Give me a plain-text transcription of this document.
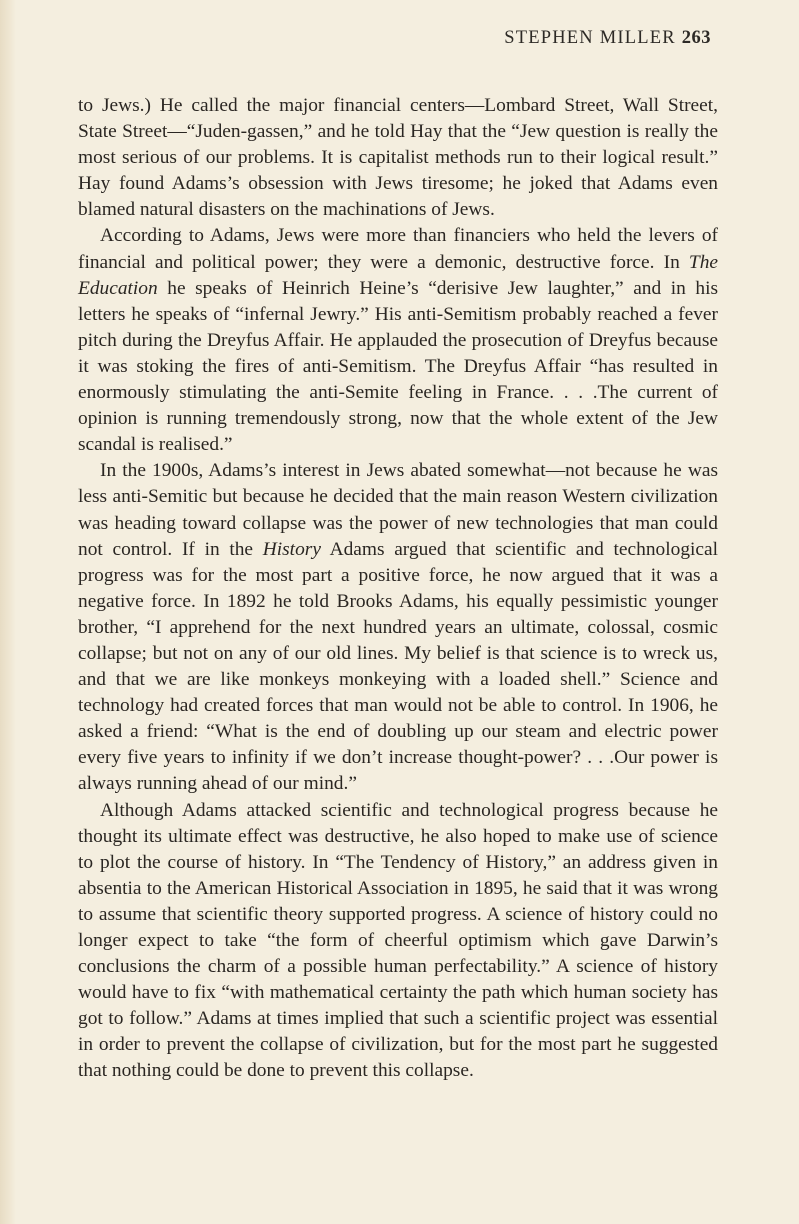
STEPHEN MILLER 263

to Jews.) He called the major financial centers—Lombard Street, Wall Street, State Street—“Juden-gassen,” and he told Hay that the “Jew question is really the most serious of our problems. It is capitalist methods run to their logical result.” Hay found Adams’s obsession with Jews tiresome; he joked that Adams even blamed natural disasters on the machinations of Jews.

According to Adams, Jews were more than financiers who held the levers of financial and political power; they were a demonic, destructive force. In The Education he speaks of Heinrich Heine’s “derisive Jew laughter,” and in his letters he speaks of “infernal Jewry.” His anti-Semitism probably reached a fever pitch during the Dreyfus Affair. He applauded the prosecution of Dreyfus because it was stoking the fires of anti-Semitism. The Dreyfus Affair “has resulted in enormously stimulating the anti-Semite feeling in France. . . .The current of opinion is running tremendously strong, now that the whole extent of the Jew scandal is realised.”

In the 1900s, Adams’s interest in Jews abated somewhat—not because he was less anti-Semitic but because he decided that the main reason Western civilization was heading toward collapse was the power of new technologies that man could not control. If in the History Adams argued that scientific and technological progress was for the most part a positive force, he now argued that it was a negative force. In 1892 he told Brooks Adams, his equally pessimistic younger brother, “I apprehend for the next hundred years an ultimate, colossal, cosmic collapse; but not on any of our old lines. My belief is that science is to wreck us, and that we are like monkeys monkeying with a loaded shell.” Science and technology had created forces that man would not be able to control. In 1906, he asked a friend: “What is the end of doubling up our steam and electric power every five years to infinity if we don’t increase thought-power? . . .Our power is always running ahead of our mind.”

Although Adams attacked scientific and technological progress because he thought its ultimate effect was destructive, he also hoped to make use of science to plot the course of history. In “The Tendency of History,” an address given in absentia to the American Historical Association in 1895, he said that it was wrong to assume that scientific theory supported progress. A science of history could no longer expect to take “the form of cheerful optimism which gave Darwin’s conclusions the charm of a possible human perfectability.” A science of history would have to fix “with mathematical certainty the path which human society has got to follow.” Adams at times implied that such a scientific project was essential in order to prevent the collapse of civilization, but for the most part he suggested that nothing could be done to prevent this collapse.
